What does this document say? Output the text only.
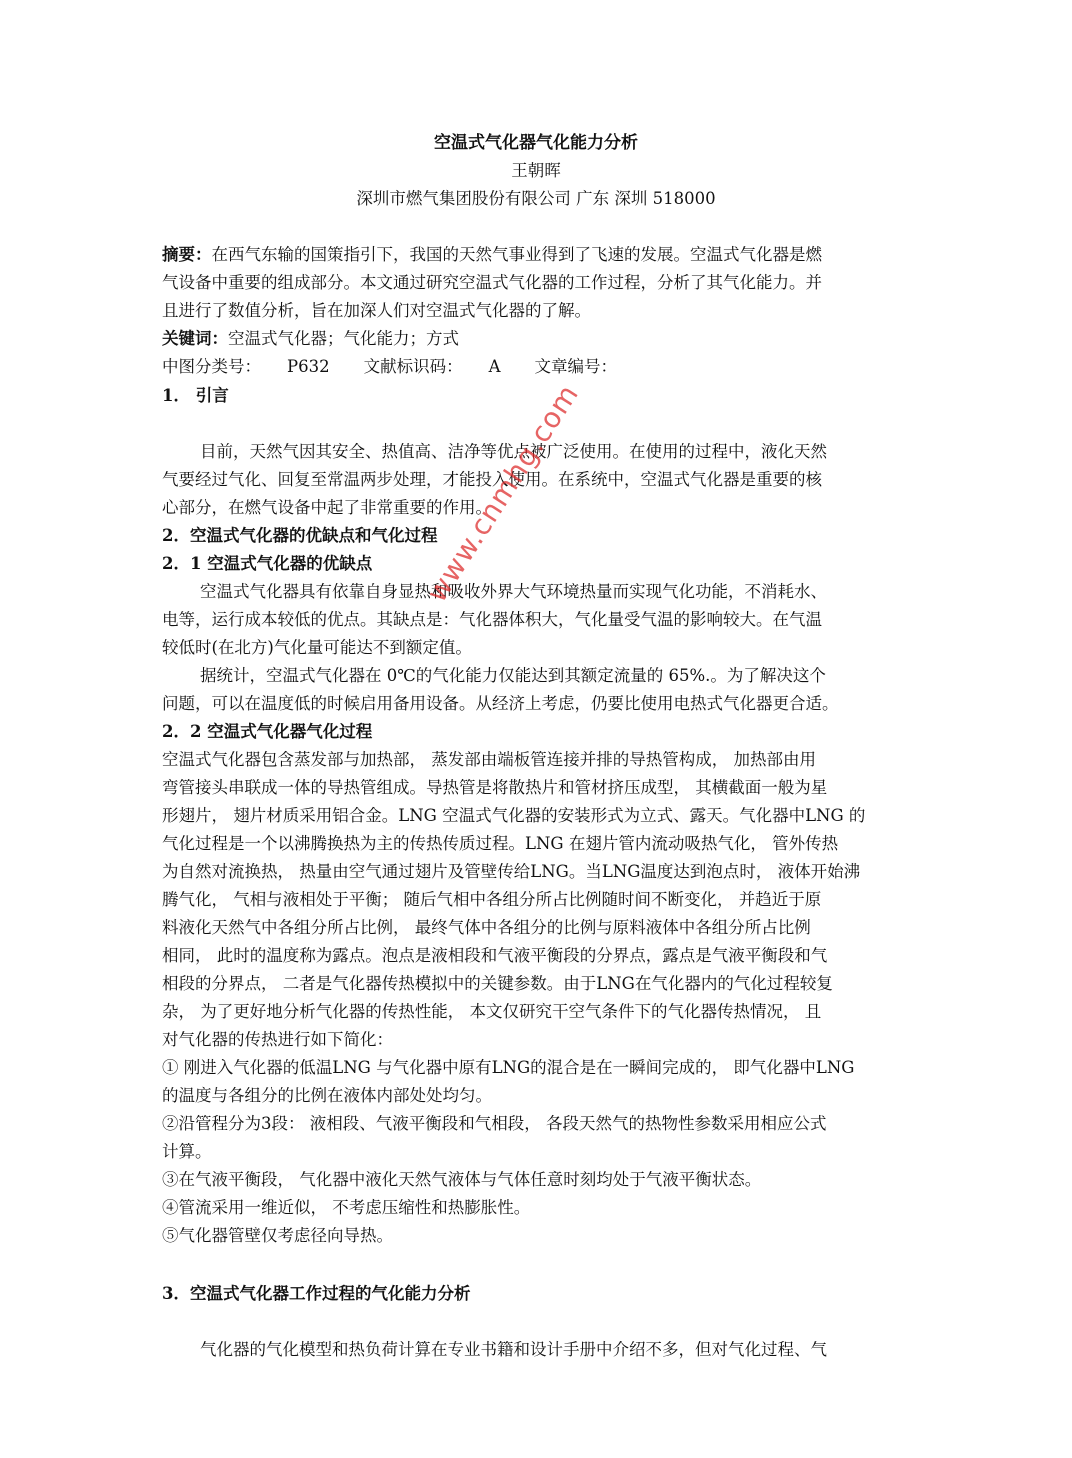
空温式气化器气化能力分析
王朝晖
深圳市燃气集团股份有限公司 广东 深圳 518000
摘要：在西气东输的国策指引下，我国的天然气事业得到了飞速的发展。空温式气化器是燃
气设备中重要的组成部分。本文通过研究空温式气化器的工作过程，分析了其气化能力。并
且进行了数值分析，旨在加深人们对空温式气化器的了解。
关键词：空温式气化器；气化能力；方式
中图分类号： P632 文献标识码： A 文章编号：
1． 引言
目前，天然气因其安全、热值高、洁净等优点被广泛使用。在使用的过程中，液化天然
气要经过气化、回复至常温两步处理，才能投入使用。在系统中，空温式气化器是重要的核
心部分，在燃气设备中起了非常重要的作用。
2．空温式气化器的优缺点和气化过程
2．1 空温式气化器的优缺点
空温式气化器具有依靠自身显热和吸收外界大气环境热量而实现气化功能，不消耗水、
电等，运行成本较低的优点。其缺点是：气化器体积大，气化量受气温的影响较大。在气温
较低时(在北方)气化量可能达不到额定值。
据统计，空温式气化器在 0℃的气化能力仅能达到其额定流量的 65%.。为了解决这个
问题，可以在温度低的时候启用备用设备。从经济上考虑，仍要比使用电热式气化器更合适。
2．2 空温式气化器气化过程
空温式气化器包含蒸发部与加热部， 蒸发部由端板管连接并排的导热管构成， 加热部由用
弯管接头串联成一体的导热管组成。导热管是将散热片和管材挤压成型， 其横截面一般为星
形翅片， 翅片材质采用铝合金。LNG 空温式气化器的安装形式为立式、露天。气化器中LNG 的
气化过程是一个以沸腾换热为主的传热传质过程。LNG 在翅片管内流动吸热气化， 管外传热
为自然对流换热， 热量由空气通过翅片及管壁传给LNG。当LNG温度达到泡点时， 液体开始沸
腾气化， 气相与液相处于平衡； 随后气相中各组分所占比例随时间不断变化， 并趋近于原
料液化天然气中各组分所占比例， 最终气体中各组分的比例与原料液体中各组分所占比例
相同， 此时的温度称为露点。泡点是液相段和气液平衡段的分界点，露点是气液平衡段和气
相段的分界点， 二者是气化器传热模拟中的关键参数。由于LNG在气化器内的气化过程较复
杂， 为了更好地分析气化器的传热性能， 本文仅研究干空气条件下的气化器传热情况， 且
对气化器的传热进行如下简化：
① 刚进入气化器的低温LNG 与气化器中原有LNG的混合是在一瞬间完成的， 即气化器中LNG
的温度与各组分的比例在液体内部处处均匀。
②沿管程分为3段： 液相段、气液平衡段和气相段， 各段天然气的热物性参数采用相应公式
计算。
③在气液平衡段， 气化器中液化天然气液体与气体任意时刻均处于气液平衡状态。
④管流采用一维近似， 不考虑压缩性和热膨胀性。
⑤气化器管壁仅考虑径向导热。
3．空温式气化器工作过程的气化能力分析
气化器的气化模型和热负荷计算在专业书籍和设计手册中介绍不多，但对气化过程、气
www.cnmhg.com
